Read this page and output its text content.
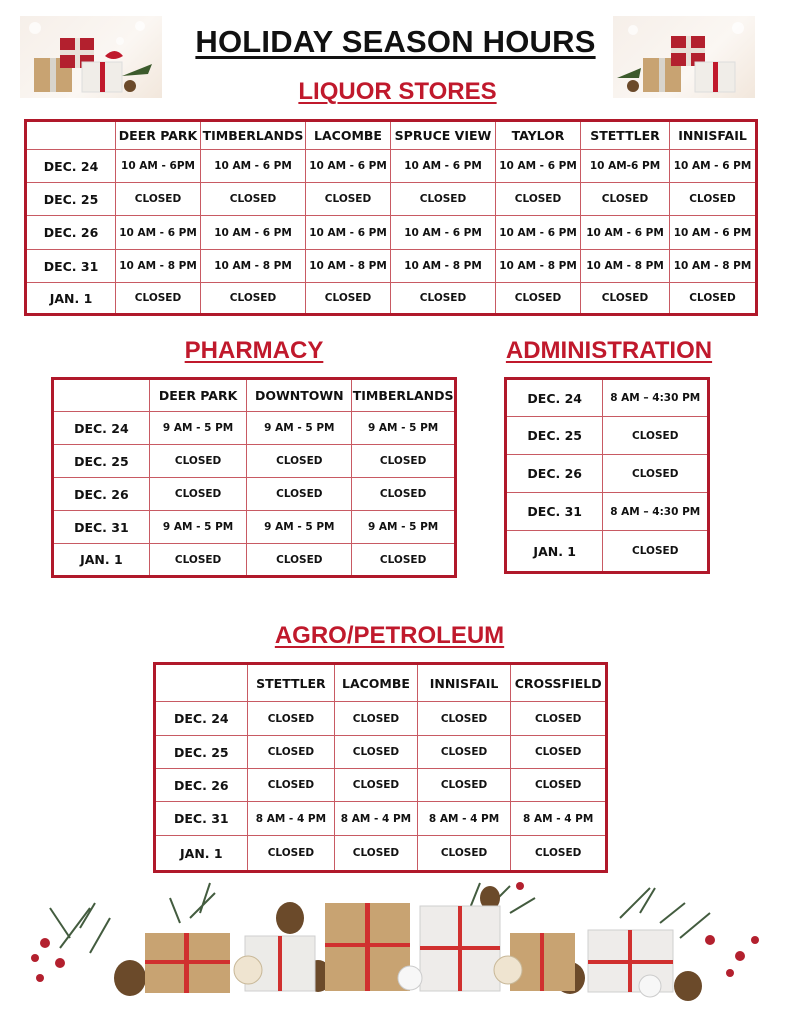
HOLIDAY SEASON HOURS
LIQUOR STORES
	DEER PARK	TIMBERLANDS	LACOMBE	SPRUCE VIEW	TAYLOR	STETTLER	INNISFAIL
DEC. 24	10 AM - 6PM	10 AM - 6 PM	10 AM - 6 PM	10 AM - 6 PM	10 AM - 6 PM	10 AM-6 PM	10 AM - 6 PM
DEC. 25	CLOSED	CLOSED	CLOSED	CLOSED	CLOSED	CLOSED	CLOSED
DEC. 26	10 AM - 6 PM	10 AM - 6 PM	10 AM - 6 PM	10 AM - 6 PM	10 AM - 6 PM	10 AM - 6 PM	10 AM - 6 PM
DEC. 31	10 AM - 8 PM	10 AM - 8 PM	10 AM - 8 PM	10 AM - 8 PM	10 AM - 8 PM	10 AM - 8 PM	10 AM - 8 PM
JAN. 1	CLOSED	CLOSED	CLOSED	CLOSED	CLOSED	CLOSED	CLOSED
PHARMACY
	DEER PARK	DOWNTOWN	TIMBERLANDS
DEC. 24	9 AM - 5 PM	9 AM - 5 PM	9 AM - 5 PM
DEC. 25	CLOSED	CLOSED	CLOSED
DEC. 26	CLOSED	CLOSED	CLOSED
DEC. 31	9 AM - 5 PM	9 AM - 5 PM	9 AM - 5 PM
JAN. 1	CLOSED	CLOSED	CLOSED
ADMINISTRATION
DEC. 24	8 AM – 4:30 PM
DEC. 25	CLOSED
DEC. 26	CLOSED
DEC. 31	8 AM – 4:30 PM
JAN. 1	CLOSED
AGRO/PETROLEUM
	STETTLER	LACOMBE	INNISFAIL	CROSSFIELD
DEC. 24	CLOSED	CLOSED	CLOSED	CLOSED
DEC. 25	CLOSED	CLOSED	CLOSED	CLOSED
DEC. 26	CLOSED	CLOSED	CLOSED	CLOSED
DEC. 31	8 AM - 4 PM	8 AM - 4 PM	8 AM - 4 PM	8 AM - 4 PM
JAN. 1	CLOSED	CLOSED	CLOSED	CLOSED
